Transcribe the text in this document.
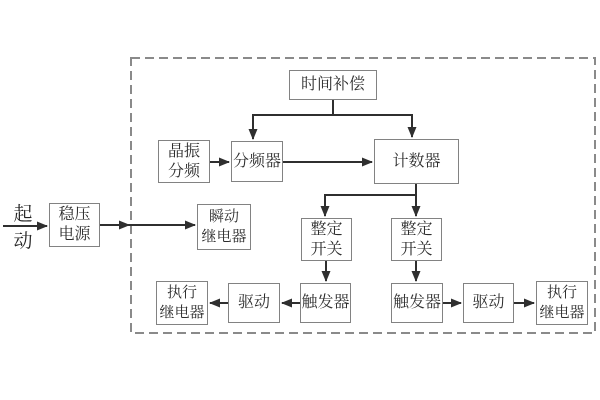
起
动
稳压
电源
瞬动
继电器
时间补偿
晶振
分频
分频器	计数器
整定
开关
整定
开关
触发器
驱动
执行
继电器
触发器 驱动
执行
继电器
